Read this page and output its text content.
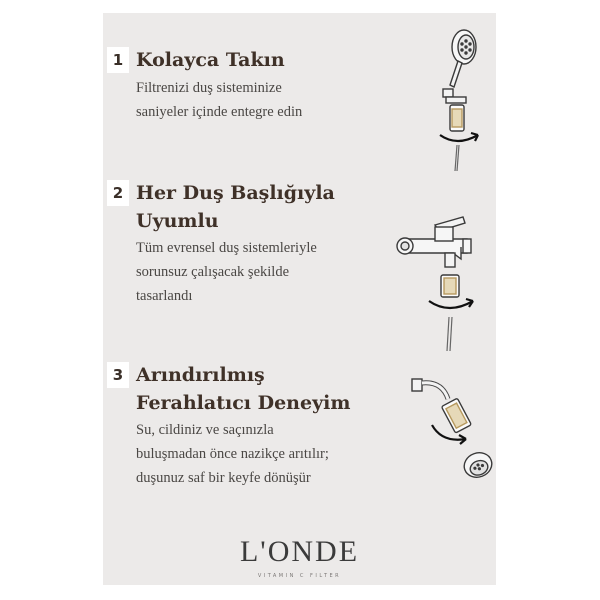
1 Kolayca Takın
Filtrenizi duş sisteminize
saniyeler içinde entegre edin
2 Her Duş Başlığıyla
Uyumlu
Tüm evrensel duş sistemleriyle
sorunsuz çalışacak şekilde
tasarlandı
3 Arındırılmış
Ferahlatıcı Deneyim
Su, cildiniz ve saçınızla
buluşmadan önce nazikçe arıtılır;
duşunuz saf bir keyfe dönüşür
L'ONDE
VITAMIN C FILTER
